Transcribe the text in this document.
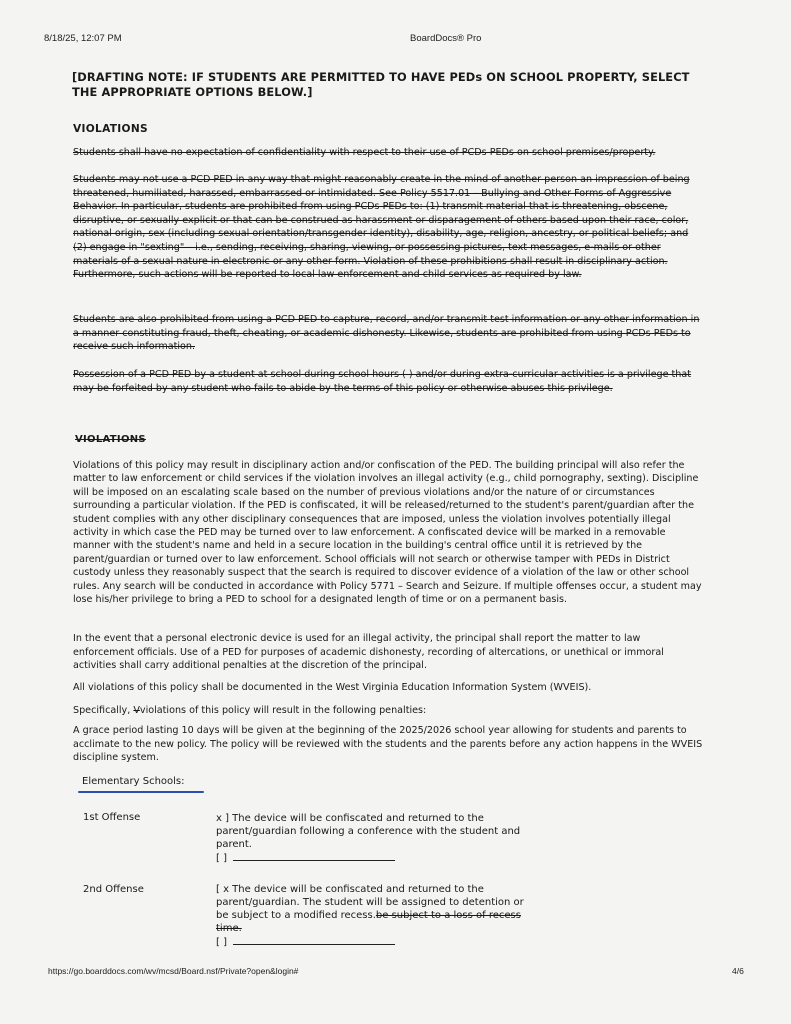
8/18/25, 12:07 PM	BoardDocs® Pro
[DRAFTING NOTE: IF STUDENTS ARE PERMITTED TO HAVE PEDs ON SCHOOL PROPERTY, SELECT THE APPROPRIATE OPTIONS BELOW.]
VIOLATIONS
Students shall have no expectation of confidentiality with respect to their use of PCDs PEDs on school premises/property.
Students may not use a PCD PED in any way that might reasonably create in the mind of another person an impression of being threatened, humiliated, harassed, embarrassed or intimidated. See Policy 5517.01 – Bullying and Other Forms of Aggressive Behavior. In particular, students are prohibited from using PCDs PEDs to: (1) transmit material that is threatening, obscene, disruptive, or sexually explicit or that can be construed as harassment or disparagement of others based upon their race, color, national origin, sex (including sexual orientation/transgender identity), disability, age, religion, ancestry, or political beliefs; and (2) engage in "sexting" – i.e., sending, receiving, sharing, viewing, or possessing pictures, text messages, e-mails or other materials of a sexual nature in electronic or any other form. Violation of these prohibitions shall result in disciplinary action. Furthermore, such actions will be reported to local law enforcement and child services as required by law.
Students are also prohibited from using a PCD PED to capture, record, and/or transmit test information or any other information in a manner constituting fraud, theft, cheating, or academic dishonesty. Likewise, students are prohibited from using PCDs PEDs to receive such information.
Possession of a PCD PED by a student at school during school hours ( ) and/or during extra-curricular activities is a privilege that may be forfeited by any student who fails to abide by the terms of this policy or otherwise abuses this privilege.
VIOLATIONS
Violations of this policy may result in disciplinary action and/or confiscation of the PED. The building principal will also refer the matter to law enforcement or child services if the violation involves an illegal activity (e.g., child pornography, sexting). Discipline will be imposed on an escalating scale based on the number of previous violations and/or the nature of or circumstances surrounding a particular violation. If the PED is confiscated, it will be released/returned to the student's parent/guardian after the student complies with any other disciplinary consequences that are imposed, unless the violation involves potentially illegal activity in which case the PED may be turned over to law enforcement. A confiscated device will be marked in a removable manner with the student's name and held in a secure location in the building's central office until it is retrieved by the parent/guardian or turned over to law enforcement. School officials will not search or otherwise tamper with PEDs in District custody unless they reasonably suspect that the search is required to discover evidence of a violation of the law or other school rules. Any search will be conducted in accordance with Policy 5771 – Search and Seizure. If multiple offenses occur, a student may lose his/her privilege to bring a PED to school for a designated length of time or on a permanent basis.
In the event that a personal electronic device is used for an illegal activity, the principal shall report the matter to law enforcement officials. Use of a PED for purposes of academic dishonesty, recording of altercations, or unethical or immoral activities shall carry additional penalties at the discretion of the principal.
All violations of this policy shall be documented in the West Virginia Education Information System (WVEIS).
Specifically, Vviolations of this policy will result in the following penalties:
A grace period lasting 10 days will be given at the beginning of the 2025/2026 school year allowing for students and parents to acclimate to the new policy. The policy will be reviewed with the students and the parents before any action happens in the WVEIS discipline system.
Elementary Schools:
1st Offense	x ] The device will be confiscated and returned to the
parent/guardian following a conference with the student and
parent.
[ ]
2nd Offense	[ x The device will be confiscated and returned to the
parent/guardian. The student will be assigned to detention or
be subject to a modified recess.be subject to a loss of recess
time.
[ ]
https://go.boarddocs.com/wv/mcsd/Board.nsf/Private?open&login#	4/6
